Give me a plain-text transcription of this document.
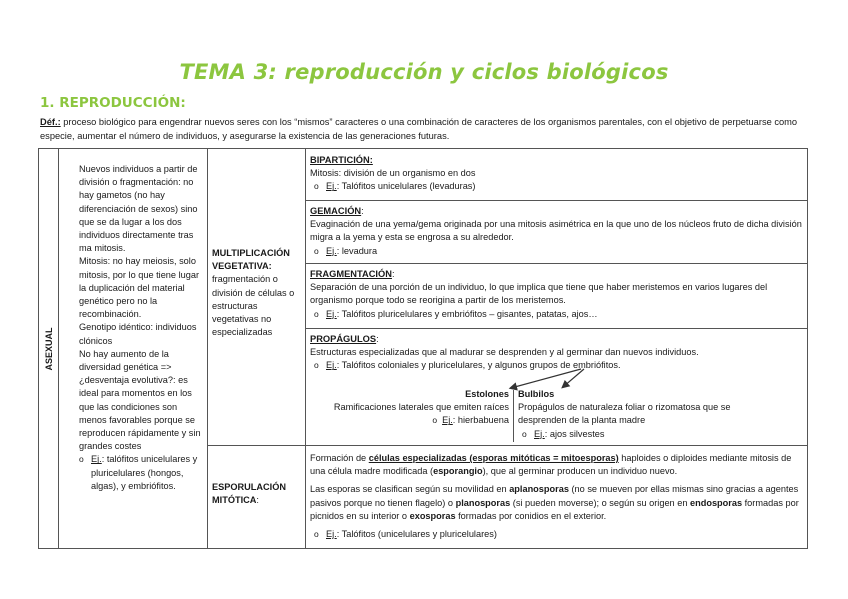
TEMA 3: reproducción y ciclos biológicos
1. REPRODUCCIÓN:
Déf.: proceso biológico para engendrar nuevos seres con los “mismos” caracteres o una combinación de caracteres de los organismos parentales, con el objetivo de perpetuarse como especie, aumentar el número de individuos, y asegurarse la existencia de las generaciones futuras.
ASEXUAL
Nuevos individuos a partir de división o fragmentación: no hay gametos (no hay diferenciación de sexos) sino que se da lugar a los dos individuos directamente tras ma mitosis.
Mitosis: no hay meiosis, solo mitosis, por lo que tiene lugar la duplicación del material genético pero no la recombinación.
Genotipo idéntico: individuos clónicos
No hay aumento de la diversidad genética => ¿desventaja evolutiva?: es ideal para momentos en los que las condiciones son menos favorables porque se reproducen rápidamente y sin grandes costes
o Ej.: talófitos unicelulares y pluricelulares (hongos, algas), y embriófitos.
MULTIPLICACIÓN VEGETATIVA:
fragmentación o división de células o estructuras vegetativas no especializadas
ESPORULACIÓN MITÓTICA:
BIPARTICIÓN:
Mitosis: división de un organismo en dos
o Ej.: Talófitos unicelulares (levaduras)
GEMACIÓN:
Evaginación de una yema/gema originada por una mitosis asimétrica en la que uno de los núcleos fruto de dicha división migra a la yema y esta se engrosa a su alrededor.
o Ej.: levadura
FRAGMENTACIÓN:
Separación de una porción de un individuo, lo que implica que tiene que haber meristemos en varios lugares del organismo porque todo se reorigina a partir de los meristemos.
o Ej.: Talófitos pluricelulares y embriófitos – gisantes, patatas, ajos…
PROPÁGULOS:
Estructuras especializadas que al madurar se desprenden y al germinar dan nuevos individuos.
o Ej.: Talófitos coloniales y pluricelulares, y algunos grupos de embriófitos.
Estolones
Ramificaciones laterales que emiten raíces
o Ej.: hierbabuena
Bulbilos
Propágulos de naturaleza foliar o rizomatosa que se desprenden de la planta madre
o Ej.: ajos silvestes
Formación de células especializadas (esporas mitóticas = mitoesporas) haploides o diploides mediante mitosis de una célula madre modificada (esporangio), que al germinar producen un individuo nuevo.
Las esporas se clasifican según su movilidad en aplanosporas (no se mueven por ellas mismas sino gracias a agentes pasivos porque no tienen flagelo) o planosporas (si pueden moverse); o según su origen en endosporas formadas por picnidos en su interior o exosporas formadas por conidios en el exterior.
o Ej.: Talófitos (unicelulares y pluricelulares)
